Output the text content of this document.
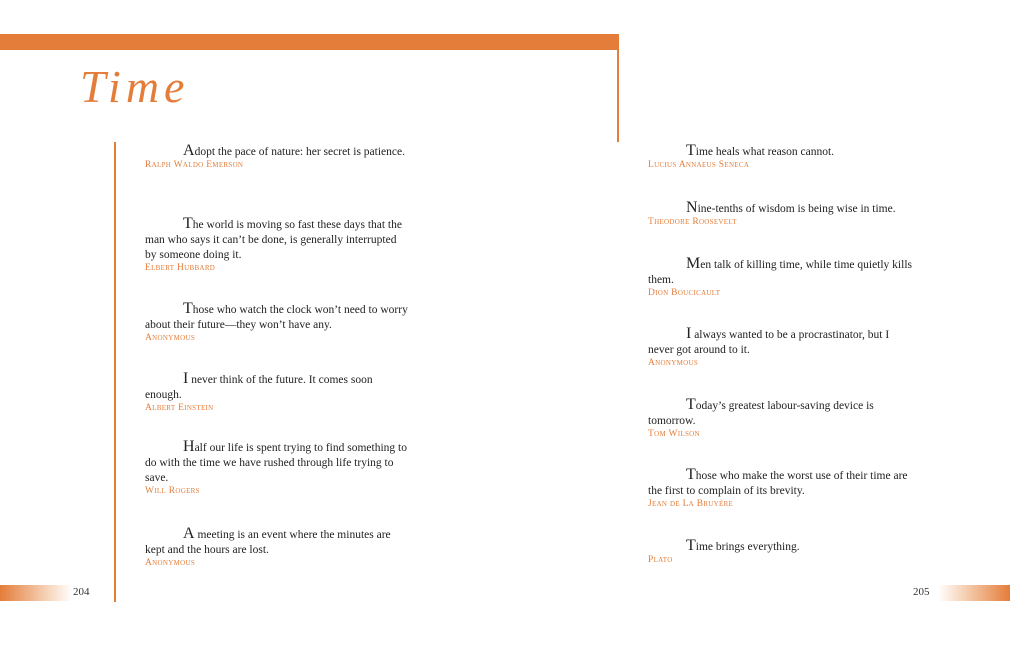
Time

Adopt the pace of nature: her secret is patience.

Ralph Waldo Emerson

The world is moving so fast these days that the man who says it can’t be done, is generally interrupted by someone doing it.

Elbert Hubbard

Those who watch the clock won’t need to worry about their future—they won’t have any.

Anonymous

I never think of the future. It comes soon enough.

Albert Einstein

Half our life is spent trying to find something to do with the time we have rushed through life trying to save.

Will Rogers

A meeting is an event where the minutes are kept and the hours are lost.

Anonymous

Time heals what reason cannot.

Lucius Annaeus Seneca

Nine-tenths of wisdom is being wise in time.

Theodore Roosevelt

Men talk of killing time, while time quietly kills them.

Dion Boucicault

I always wanted to be a procrastinator, but I never got around to it.

Anonymous

Today’s greatest labour-saving device is tomorrow.

Tom Wilson

Those who make the worst use of their time are the first to complain of its brevity.

Jean de La Bruyère

Time brings everything.

Plato
204	205
